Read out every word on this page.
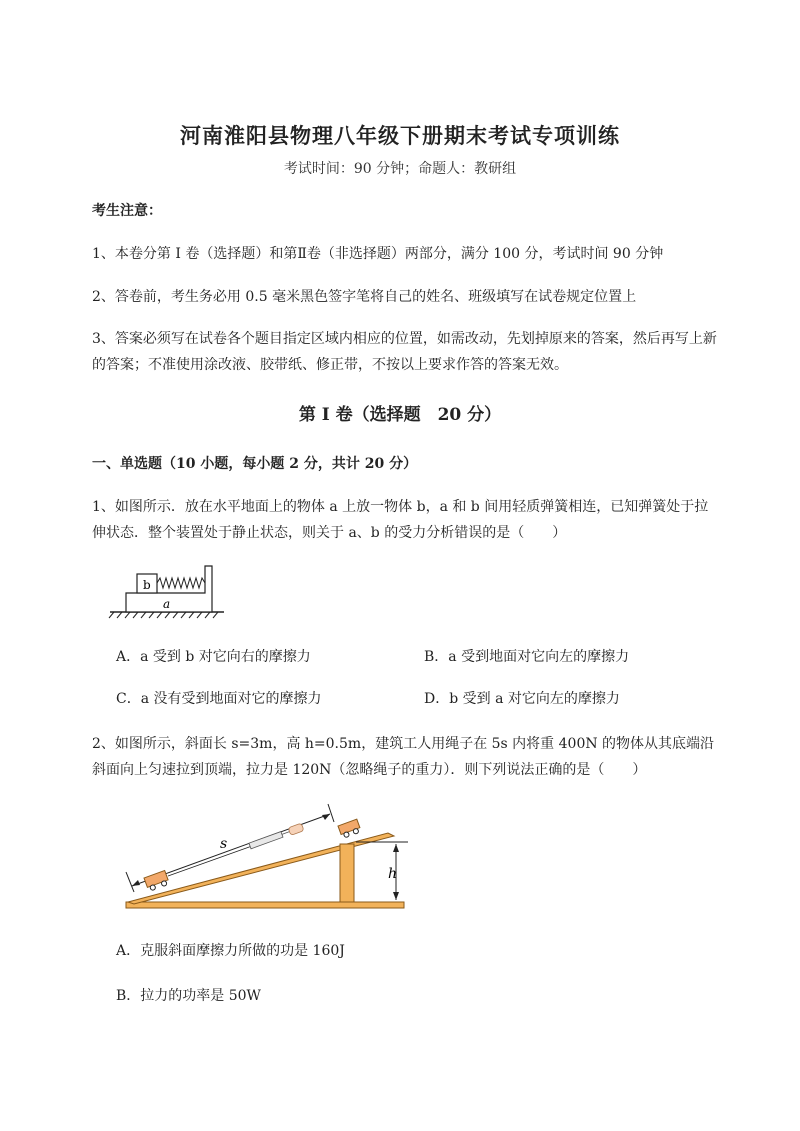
河南淮阳县物理八年级下册期末考试专项训练
考试时间：90 分钟；命题人：教研组
考生注意：
1、本卷分第 I 卷（选择题）和第Ⅱ卷（非选择题）两部分，满分 100 分，考试时间 90 分钟
2、答卷前，考生务必用 0.5 毫米黑色签字笔将自己的姓名、班级填写在试卷规定位置上
3、答案必须写在试卷各个题目指定区域内相应的位置，如需改动，先划掉原来的答案，然后再写上新的答案；不准使用涂改液、胶带纸、修正带，不按以上要求作答的答案无效。
第 I 卷（选择题　20 分）
一、单选题（10 小题，每小题 2 分，共计 20 分）
1、如图所示．放在水平地面上的物体 a 上放一物体 b，a 和 b 间用轻质弹簧相连，已知弹簧处于拉伸状态．整个装置处于静止状态，则关于 a、b 的受力分析错误的是（　　）
b
a
A．a 受到 b 对它向右的摩擦力	B．a 受到地面对它向左的摩擦力
C．a 没有受到地面对它的摩擦力	D．b 受到 a 对它向左的摩擦力
2、如图所示，斜面长 s=3m，高 h=0.5m，建筑工人用绳子在 5s 内将重 400N 的物体从其底端沿斜面向上匀速拉到顶端，拉力是 120N（忽略绳子的重力）．则下列说法正确的是（　　）
h
s
A．克服斜面摩擦力所做的功是 160J
B．拉力的功率是 50W
